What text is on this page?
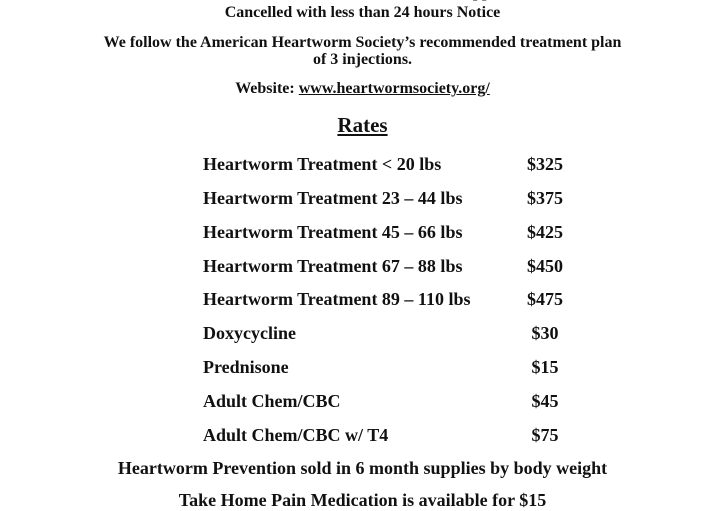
Cancelled with less than 24 hours Notice
We follow the American Heartworm Society’s recommended treatment plan
of 3 injections.
Website: www.heartwormsociety.org/
Rates
Heartworm Treatment < 20 lbs	$325
Heartworm Treatment 23 – 44 lbs	$375
Heartworm Treatment 45 – 66 lbs	$425
Heartworm Treatment 67 – 88 lbs	$450
Heartworm Treatment 89 – 110 lbs	$475
Doxycycline	$30
Prednisone	$15
Adult Chem/CBC	$45
Adult Chem/CBC w/ T4	$75
Heartworm Prevention sold in 6 month supplies by body weight
Take Home Pain Medication is available for $15
